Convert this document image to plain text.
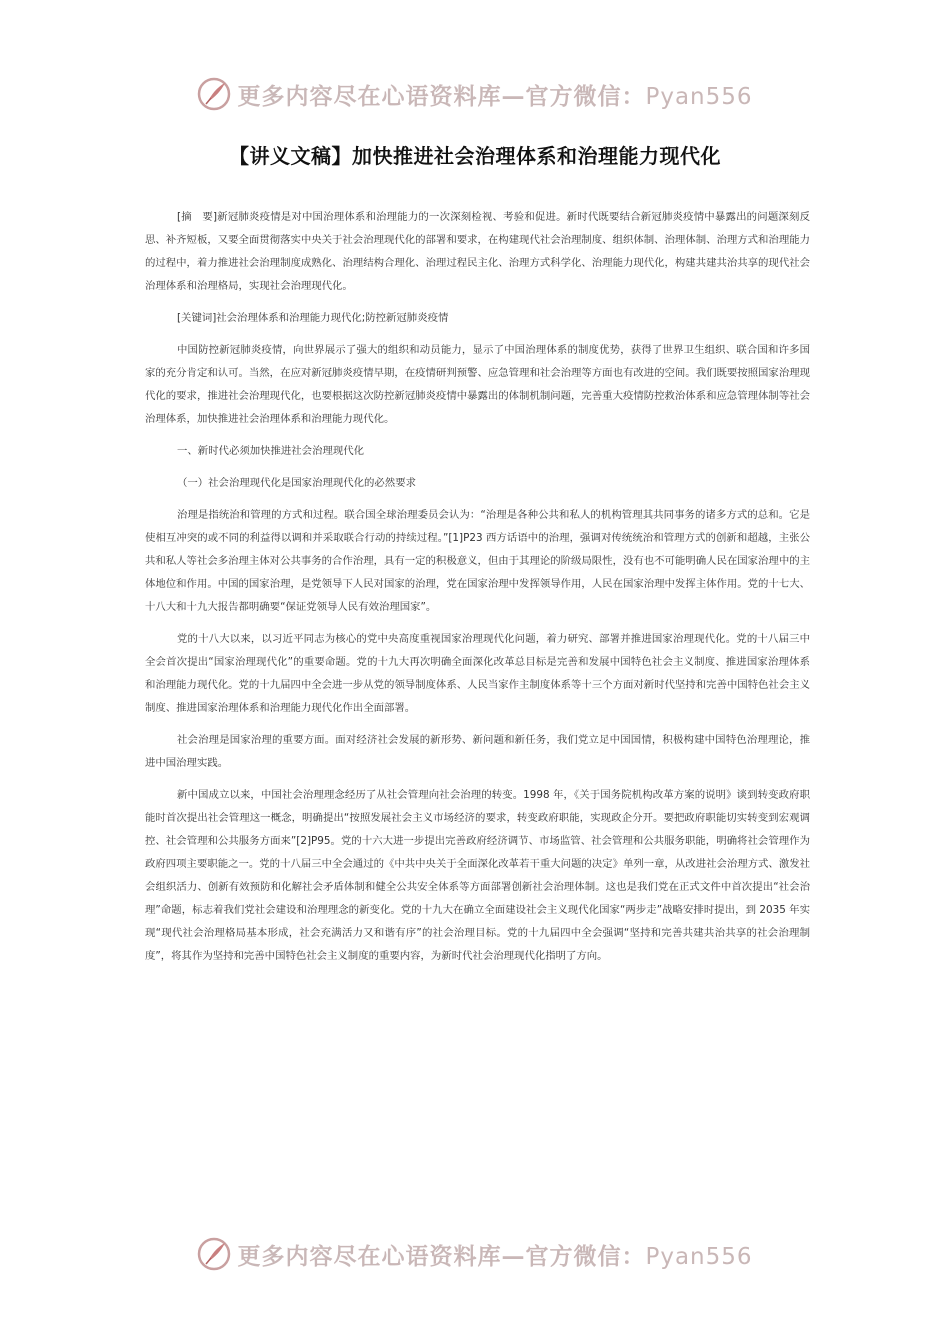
更多内容尽在心语资料库—官方微信：Pyan556
【讲义文稿】加快推进社会治理体系和治理能力现代化

[摘　要]新冠肺炎疫情是对中国治理体系和治理能力的一次深刻检视、考验和促进。新时代既要结合新冠肺炎疫情中暴露出的问题深刻反思、补齐短板，又要全面贯彻落实中央关于社会治理现代化的部署和要求，在构建现代社会治理制度、组织体制、治理体制、治理方式和治理能力的过程中，着力推进社会治理制度成熟化、治理结构合理化、治理过程民主化、治理方式科学化、治理能力现代化，构建共建共治共享的现代社会治理体系和治理格局，实现社会治理现代化。

[关键词]社会治理体系和治理能力现代化;防控新冠肺炎疫情

中国防控新冠肺炎疫情，向世界展示了强大的组织和动员能力，显示了中国治理体系的制度优势，获得了世界卫生组织、联合国和许多国家的充分肯定和认可。当然，在应对新冠肺炎疫情早期，在疫情研判预警、应急管理和社会治理等方面也有改进的空间。我们既要按照国家治理现代化的要求，推进社会治理现代化，也要根据这次防控新冠肺炎疫情中暴露出的体制机制问题，完善重大疫情防控救治体系和应急管理体制等社会治理体系，加快推进社会治理体系和治理能力现代化。

一、新时代必须加快推进社会治理现代化

（一）社会治理现代化是国家治理现代化的必然要求

治理是指统治和管理的方式和过程。联合国全球治理委员会认为：“治理是各种公共和私人的机构管理其共同事务的诸多方式的总和。它是使相互冲突的或不同的利益得以调和并采取联合行动的持续过程。”[1]P23 西方话语中的治理，强调对传统统治和管理方式的创新和超越，主张公共和私人等社会多治理主体对公共事务的合作治理，具有一定的积极意义，但由于其理论的阶级局限性，没有也不可能明确人民在国家治理中的主体地位和作用。中国的国家治理，是党领导下人民对国家的治理，党在国家治理中发挥领导作用，人民在国家治理中发挥主体作用。党的十七大、十八大和十九大报告都明确要“保证党领导人民有效治理国家”。

党的十八大以来，以习近平同志为核心的党中央高度重视国家治理现代化问题，着力研究、部署并推进国家治理现代化。党的十八届三中全会首次提出“国家治理现代化”的重要命题。党的十九大再次明确全面深化改革总目标是完善和发展中国特色社会主义制度、推进国家治理体系和治理能力现代化。党的十九届四中全会进一步从党的领导制度体系、人民当家作主制度体系等十三个方面对新时代坚持和完善中国特色社会主义制度、推进国家治理体系和治理能力现代化作出全面部署。

社会治理是国家治理的重要方面。面对经济社会发展的新形势、新问题和新任务，我们党立足中国国情，积极构建中国特色治理理论，推进中国治理实践。

新中国成立以来，中国社会治理理念经历了从社会管理向社会治理的转变。1998 年，《关于国务院机构改革方案的说明》谈到转变政府职能时首次提出社会管理这一概念，明确提出“按照发展社会主义市场经济的要求，转变政府职能，实现政企分开。要把政府职能切实转变到宏观调控、社会管理和公共服务方面来”[2]P95。党的十六大进一步提出完善政府经济调节、市场监管、社会管理和公共服务职能，明确将社会管理作为政府四项主要职能之一。党的十八届三中全会通过的《中共中央关于全面深化改革若干重大问题的决定》单列一章，从改进社会治理方式、激发社会组织活力、创新有效预防和化解社会矛盾体制和健全公共安全体系等方面部署创新社会治理体制。这也是我们党在正式文件中首次提出“社会治理”命题，标志着我们党社会建设和治理理念的新变化。党的十九大在确立全面建设社会主义现代化国家“两步走”战略安排时提出，到 2035 年实现“现代社会治理格局基本形成，社会充满活力又和谐有序”的社会治理目标。党的十九届四中全会强调“坚持和完善共建共治共享的社会治理制度”，将其作为坚持和完善中国特色社会主义制度的重要内容，为新时代社会治理现代化指明了方向。

更多内容尽在心语资料库—官方微信：Pyan556
